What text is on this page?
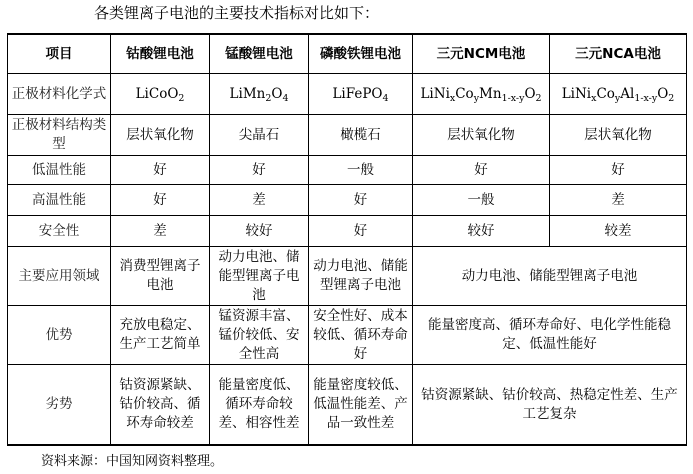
各类锂离子电池的主要技术指标对比如下：
项目	钴酸锂电池	锰酸锂电池	磷酸铁锂电池	三元NCM电池	三元NCA电池
正极材料化学式	LiCoO$_2$	$LiMn_2O_4$	LiFePO$_4$	$LiNi_xCo_yMn_{1-x-y}O_2$	$LiNi_xCo_yAl_{1-x-y}O_2$
正极材料结构类型	层状氧化物	尖晶石	橄榄石	层状氧化物	层状氧化物
低温性能	好	好	一般	好	好
高温性能	好	差	好	一般	差
安全性	差	较好	好	较好	较差
主要应用领域	消费型锂离子电池	动力电池、储能型锂离子电池	动力电池、储能型锂离子电池	动力电池、储能型锂离子电池	
优势	充放电稳定、生产工艺简单	锰资源丰富、锰价较低、安全性高	安全性好、成本较低、循环寿命好	能量密度高、循环寿命好、电化学性能稳定、低温性能好	
劣势	钴资源紧缺、钴价较高、循环寿命较差	能量密度低、循环寿命较差、相容性差	能量密度较低、低温性能差、产品一致性差	钴资源紧缺、钴价较高、热稳定性差、生产工艺复杂	
资料来源：中国知网资料整理。
